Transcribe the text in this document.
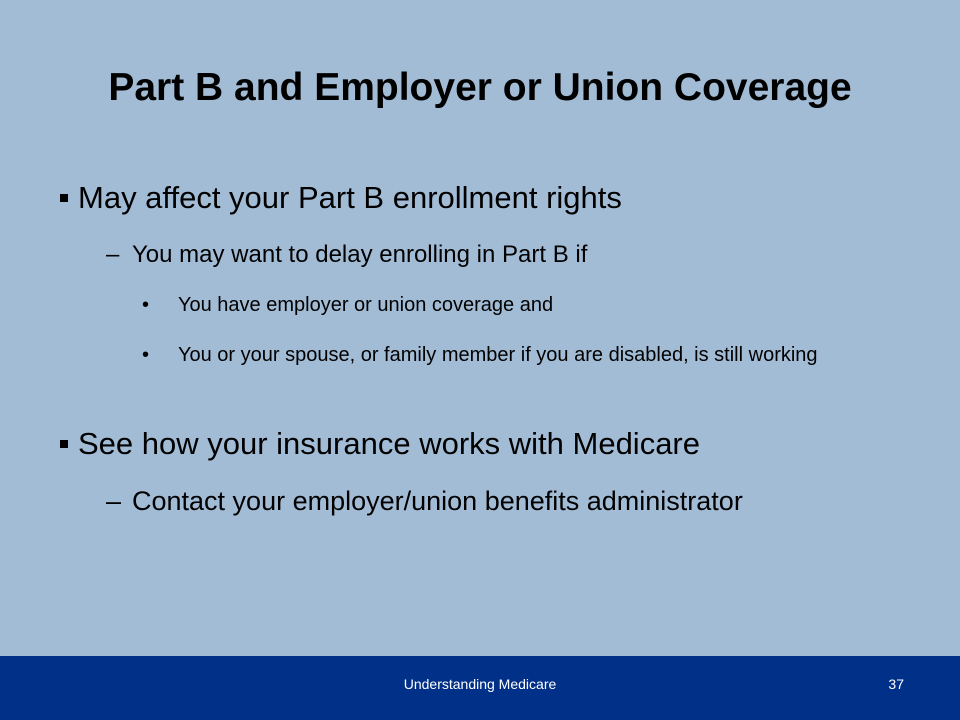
Part B and Employer or Union Coverage
May affect your Part B enrollment rights
– You may want to delay enrolling in Part B if
• You have employer or union coverage and
• You or your spouse, or family member if you are disabled, is still working
See how your insurance works with Medicare
– Contact your employer/union benefits administrator
Understanding Medicare	37
